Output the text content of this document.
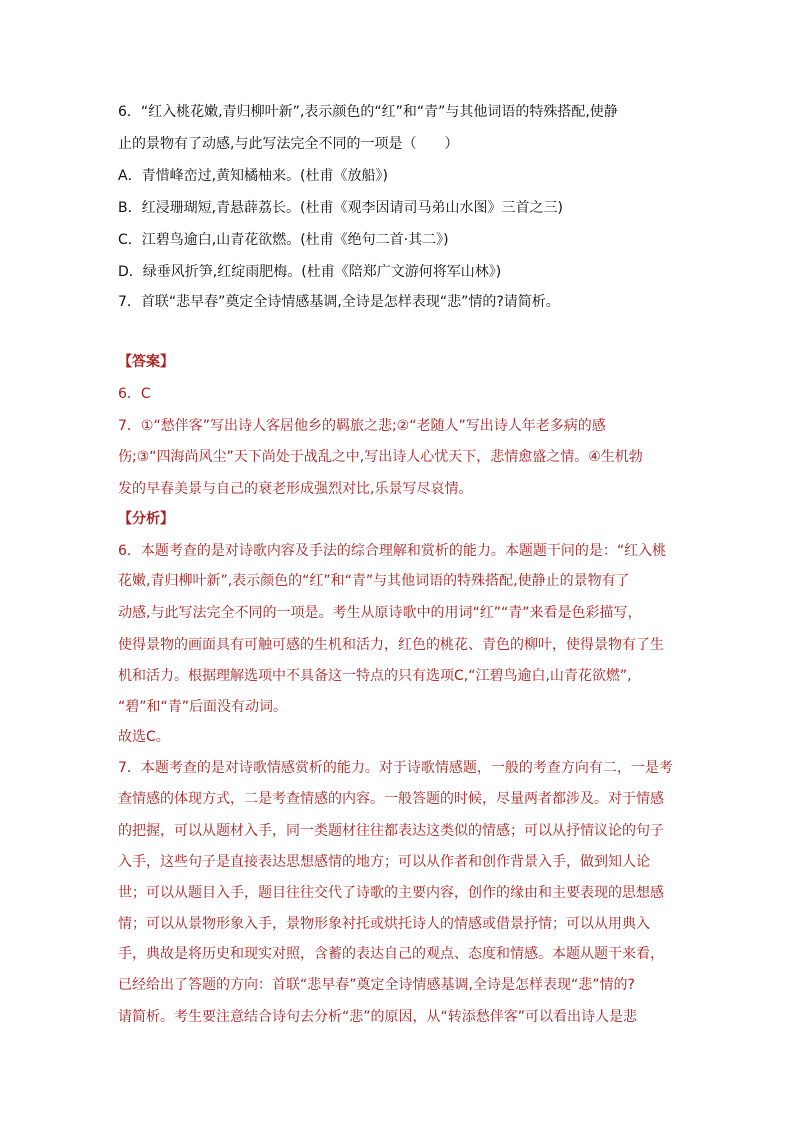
6．“红入桃花嫩,青归柳叶新”,表示颜色的“红”和“青”与其他词语的特殊搭配,使静
止的景物有了动感,与此写法完全不同的一项是（　　）
A．青惜峰峦过,黄知橘柚来。(杜甫《放船》)
B．红浸珊瑚短,青悬薜荔长。(杜甫《观李因请司马弟山水图》三首之三)
C．江碧鸟逾白,山青花欲燃。(杜甫《绝句二首·其二》)
D．绿垂风折笋,红绽雨肥梅。(杜甫《陪郑广文游何将军山林》)
7．首联“悲早春”奠定全诗情感基调,全诗是怎样表现“悲”情的?请简析。
【答案】
6．C
7．①“愁伴客”写出诗人客居他乡的羁旅之悲;②“老随人”写出诗人年老多病的感
伤;③“四海尚风尘”天下尚处于战乱之中,写出诗人心忧天下，悲情愈盛之情。④生机勃
发的早春美景与自己的衰老形成强烈对比,乐景写尽哀情。
【分析】
6．本题考查的是对诗歌内容及手法的综合理解和赏析的能力。本题题干问的是：“红入桃
花嫩,青归柳叶新”,表示颜色的“红”和“青”与其他词语的特殊搭配,使静止的景物有了
动感,与此写法完全不同的一项是。考生从原诗歌中的用词“红”“青”来看是色彩描写，
使得景物的画面具有可触可感的生机和活力，红色的桃花、青色的柳叶，使得景物有了生
机和活力。根据理解选项中不具备这一特点的只有选项C,“江碧鸟逾白,山青花欲燃”,
“碧”和“青”后面没有动词。
故选C。
7．本题考查的是对诗歌情感赏析的能力。对于诗歌情感题，一般的考查方向有二，一是考
查情感的体现方式，二是考查情感的内容。一般答题的时候，尽量两者都涉及。对于情感
的把握，可以从题材入手，同一类题材往往都表达这类似的情感；可以从抒情议论的句子
入手，这些句子是直接表达思想感情的地方；可以从作者和创作背景入手，做到知人论
世；可以从题目入手，题目往往交代了诗歌的主要内容，创作的缘由和主要表现的思想感
情；可以从景物形象入手，景物形象衬托或烘托诗人的情感或借景抒情；可以从用典入
手，典故是将历史和现实对照，含蓄的表达自己的观点、态度和情感。本题从题干来看，
已经给出了答题的方向：首联“悲早春”奠定全诗情感基调,全诗是怎样表现“悲”情的?
请简析。考生要注意结合诗句去分析“悲”的原因，从“转添愁伴客”可以看出诗人是悲
